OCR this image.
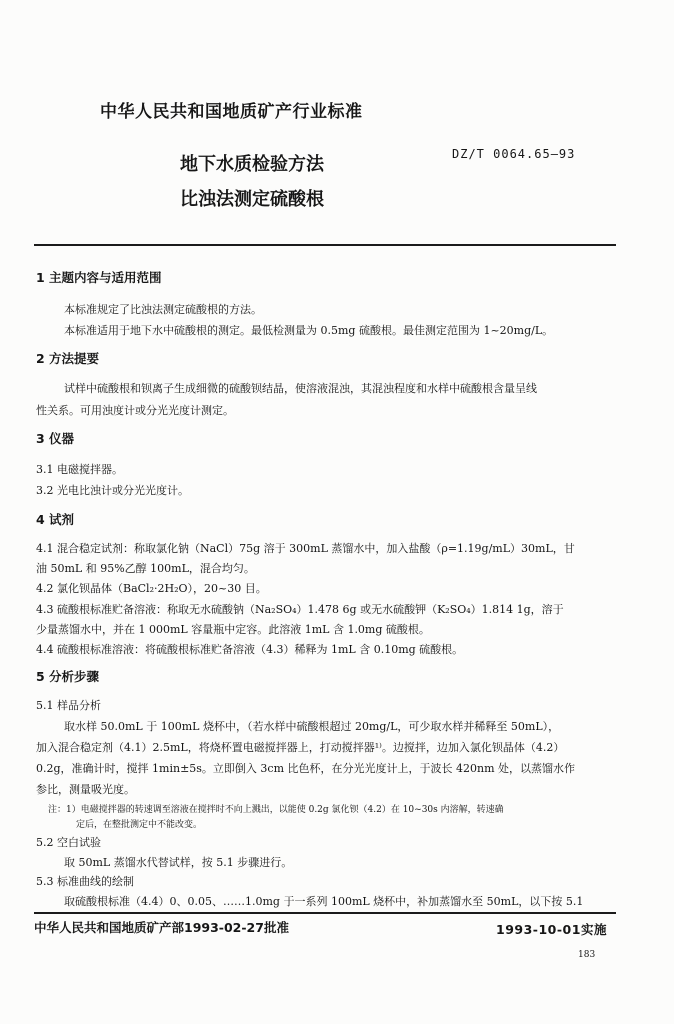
中华人民共和国地质矿产行业标准
地下水质检验方法
比浊法测定硫酸根
DZ/T 0064.65—93
1 主题内容与适用范围
本标准规定了比浊法测定硫酸根的方法。
本标准适用于地下水中硫酸根的测定。最低检测量为 0.5mg 硫酸根。最佳测定范围为 1~20mg/L。
2 方法提要
试样中硫酸根和钡离子生成细微的硫酸钡结晶，使溶液混浊，其混浊程度和水样中硫酸根含量呈线
性关系。可用浊度计或分光光度计测定。
3 仪器
3.1 电磁搅拌器。
3.2 光电比浊计或分光光度计。
4 试剂
4.1 混合稳定试剂：称取氯化钠（NaCl）75g 溶于 300mL 蒸馏水中，加入盐酸（ρ=1.19g/mL）30mL，甘
油 50mL 和 95%乙醇 100mL，混合均匀。
4.2 氯化钡晶体（BaCl₂·2H₂O），20~30 目。
4.3 硫酸根标准贮备溶液：称取无水硫酸钠（Na₂SO₄）1.478 6g 或无水硫酸钾（K₂SO₄）1.814 1g，溶于
少量蒸馏水中，并在 1 000mL 容量瓶中定容。此溶液 1mL 含 1.0mg 硫酸根。
4.4 硫酸根标准溶液：将硫酸根标准贮备溶液（4.3）稀释为 1mL 含 0.10mg 硫酸根。
5 分析步骤
5.1 样品分析
取水样 50.0mL 于 100mL 烧杯中，（若水样中硫酸根超过 20mg/L，可少取水样并稀释至 50mL），
加入混合稳定剂（4.1）2.5mL，将烧杯置电磁搅拌器上，打动搅拌器¹⁾。边搅拌，边加入氯化钡晶体（4.2）
0.2g，准确计时，搅拌 1min±5s。立即倒入 3cm 比色杯，在分光光度计上，于波长 420nm 处，以蒸馏水作
参比，测量吸光度。
注：1）电磁搅拌器的转速调至溶液在搅拌时不向上溅出，以能使 0.2g 氯化钡（4.2）在 10~30s 内溶解，转速确
定后，在整批测定中不能改变。
5.2 空白试验
取 50mL 蒸馏水代替试样，按 5.1 步骤进行。
5.3 标准曲线的绘制
取硫酸根标准（4.4）0、0.05、……1.0mg 于一系列 100mL 烧杯中，补加蒸馏水至 50mL，以下按 5.1
中华人民共和国地质矿产部1993-02-27批准	1993-10-01实施
183
